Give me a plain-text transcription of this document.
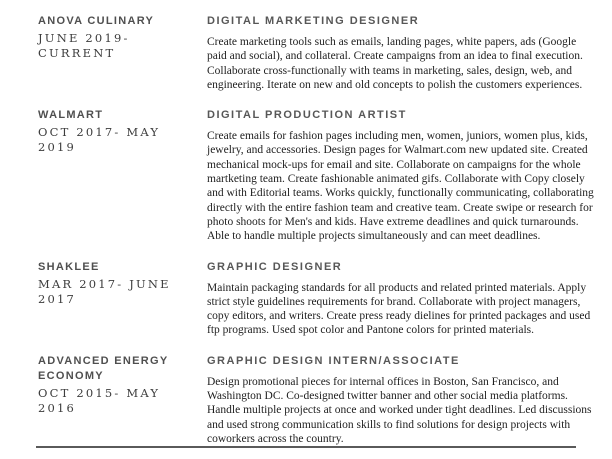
ANOVA CULINARY
JUNE 2019- CURRENT
DIGITAL MARKETING DESIGNER
Create marketing tools such as emails, landing pages, white papers, ads (Google paid and social), and collateral. Create campaigns from an idea to final execution. Collaborate cross-functionally with teams in marketing, sales, design, web, and engineering. Iterate on new and old concepts to polish the customers experiences.
WALMART
OCT 2017- MAY 2019
DIGITAL PRODUCTION ARTIST
Create emails for fashion pages including men, women, juniors, women plus, kids, jewelry, and accessories. Design pages for Walmart.com new updated site. Created mechanical mock-ups for email and site. Collaborate on campaigns for the whole martketing team. Create fashionable animated gifs. Collaborate with Copy closely and with Editorial teams. Works quickly, functionally communicating, collaborating directly with the entire fashion team and creative team. Create swipe or research for photo shoots for Men's and kids. Have extreme deadlines and quick turnarounds. Able to handle multiple projects simultaneously and can meet deadlines.
SHAKLEE
MAR 2017- JUNE 2017
GRAPHIC DESIGNER
Maintain packaging standards for all products and related printed materials. Apply strict style guidelines requirements for brand. Collaborate with project managers, copy editors, and writers. Create press ready dielines for printed packages and used ftp programs. Used spot color and Pantone colors for printed materials.
ADVANCED ENERGY ECONOMY
OCT 2015- MAY 2016
GRAPHIC DESIGN INTERN/ASSOCIATE
Design promotional pieces for internal offices in Boston, San Francisco, and Washington DC. Co-designed twitter banner and other social media platforms. Handle multiple projects at once and worked under tight deadlines. Led discussions and used strong communication skills to find solutions for design projects with coworkers across the country.
